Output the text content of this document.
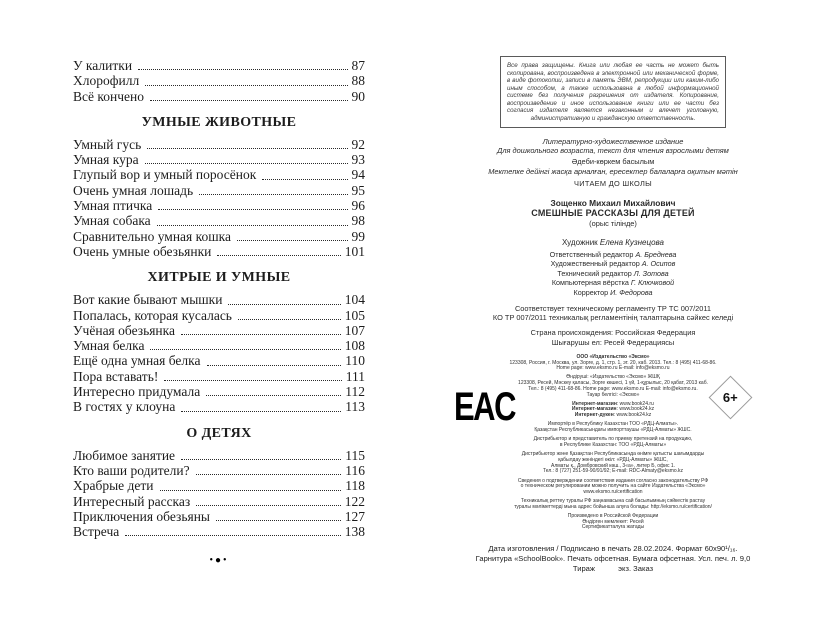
У калитки	87
Хлорофилл	88
Всё кончено	90
УМНЫЕ ЖИВОТНЫЕ
Умный гусь	92
Умная кура	93
Глупый вор и умный поросёнок	94
Очень умная лошадь	95
Умная птичка	96
Умная собака	98
Сравнительно умная кошка	99
Очень умные обезьянки	101
ХИТРЫЕ И УМНЫЕ
Вот какие бывают мышки	104
Попалась, которая кусалась	105
Учёная обезьянка	107
Умная белка	108
Ещё одна умная белка	110
Пора вставать!	111
Интересно придумала	112
В гостях у клоуна	113
О ДЕТЯХ
Любимое занятие	115
Кто ваши родители?	116
Храбрые дети	118
Интересный рассказ	122
Приключения обезьяны	127
Встреча	138
•●•
Все права защищены. Книга или любая ее часть не может быть скопирована, воспроизведена в электронной или механической форме, в виде фотокопии, записи в память ЭВМ, репродукции или каким-либо иным способом, а также использована в любой информационной системе без получения разрешения от издателя. Копирование, воспроизведение и иное использование книги или ее части без согласия издателя является незаконным и влечет уголовную, административную и гражданскую ответственность.
Литературно-художественное издание
Для дошкольного возраста, текст для чтения взрослыми детям
Әдеби-көркем басылым
Мектепке дейінгі жасқа арналған, ересектер балаларға оқитын мәтін
ЧИТАЕМ ДО ШКОЛЫ
Зощенко Михаил Михайлович
СМЕШНЫЕ РАССКАЗЫ ДЛЯ ДЕТЕЙ
(орыс тілінде)
Художник Елена Кузнецова
Ответственный редактор А. Бреднева
Художественный редактор А. Осипов
Технический редактор Л. Зотова
Компьютерная вёрстка Г. Ключковой
Корректор И. Федорова
Соответствует техническому регламенту ТР ТС 007/2011
КО ТР 007/2011 техникалық регламентінің талаптарына сәйкес келеді
Страна происхождения: Российская Федерация
Шығарушы ел: Ресей Федерациясы
ООО «Издательство «Эксмо»
123308, Россия, г. Москва, ул. Зорге, д. 1, стр. 1, эт. 20, каб. 2013. Тел.: 8 (495) 411-68-86.
Home page: www.eksmo.ru E-mail: info@eksmo.ru
Өндіруші: «Издательство «Эксмо» ЖШҚ
123308, Ресей, Мәскеу қаласы, Зорге көшесі, 1 үй, 1-құрылыс, 20 қабат, 2013 каб.
Тел.: 8 (495) 411-68-86. Home page: www.eksmo.ru E-mail: info@eksmo.ru.
Тауар белгісі: «Эксмо»
Интернет-магазин: www.book24.ru
Интернет-магазин: www.book24.kz
Интернет-дүкен: www.book24.kz
Импортёр в Республику Казахстан ТОО «РДЦ-Алматы».
Қазақстан Республикасындағы импорттаушы «РДЦ-Алматы» ЖШС.
Дистрибьютор и представитель по приему претензий на продукцию,
в Республике Казахстан: ТОО «РДЦ-Алматы»
Дистрибьютор және Қазақстан Республикасында өнімге қатысты шағымдарды
қабылдау жөніндегі өкіл: «РДЦ-Алматы» ЖШС,
Алматы қ., Домбровский көш., 3«а», литер Б, офис 1.
Тел.: 8 (727) 251-59-90/91/92; E-mail: RDC-Almaty@eksmo.kz
Сведения о подтверждении соответствия издания согласно законодательству РФ
о техническом регулировании можно получить на сайте Издательства «Эксмо»
www.eksmo.ru/certification
Техникалық реттеу туралы РФ заңнамасына сай басылымның сәйкестік растау
туралы мәліметтерді мына адрес бойынша алуға болады: http://eksmo.ru/certification/
Произведено в Российской Федерации
Өндірген мемлекет: Ресей
Сертификатталуға жатады
Дата изготовления / Подписано в печать 28.02.2024. Формат 60x90¹/₁₆.
Гарнитура «SchoolBook». Печать офсетная. Бумага офсетная. Усл. печ. л. 9,0
Тираж           экз. Заказ
EAC	6+
